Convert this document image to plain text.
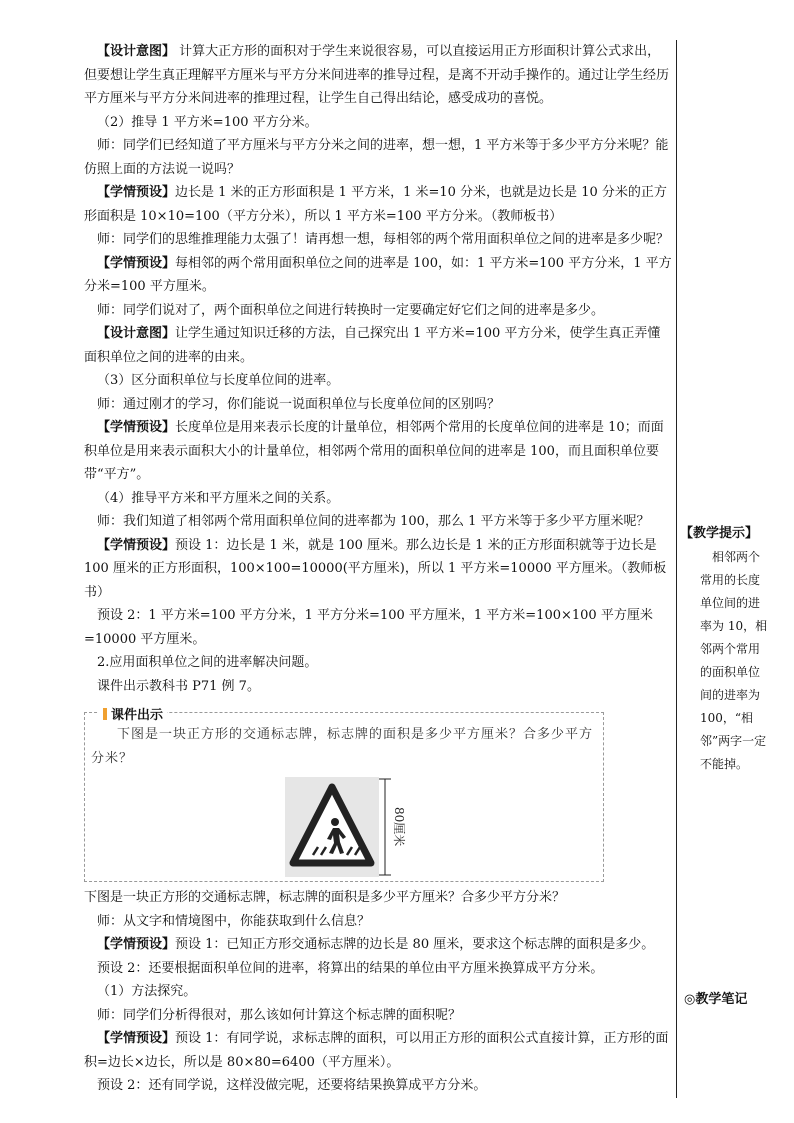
【设计意图】 计算大正方形的面积对于学生来说很容易，可以直接运用正方形面积计算公式求出，但要想让学生真正理解平方厘米与平方分米间进率的推导过程，是离不开动手操作的。通过让学生经历平方厘米与平方分米间进率的推理过程，让学生自己得出结论，感受成功的喜悦。

（2）推导 1 平方米=100 平方分米。

师：同学们已经知道了平方厘米与平方分米之间的进率，想一想，1 平方米等于多少平方分米呢？能仿照上面的方法说一说吗？

【学情预设】边长是 1 米的正方形面积是 1 平方米，1 米=10 分米，也就是边长是 10 分米的正方形面积是 10×10=100（平方分米），所以 1 平方米=100 平方分米。（教师板书）

师：同学们的思维推理能力太强了！请再想一想，每相邻的两个常用面积单位之间的进率是多少呢？

【学情预设】每相邻的两个常用面积单位之间的进率是 100，如：1 平方米=100 平方分米，1 平方分米=100 平方厘米。

师：同学们说对了，两个面积单位之间进行转换时一定要确定好它们之间的进率是多少。

【设计意图】让学生通过知识迁移的方法，自己探究出 1 平方米=100 平方分米，使学生真正弄懂面积单位之间的进率的由来。

（3）区分面积单位与长度单位间的进率。

师：通过刚才的学习，你们能说一说面积单位与长度单位间的区别吗？

【学情预设】长度单位是用来表示长度的计量单位，相邻两个常用的长度单位间的进率是 10；而面积单位是用来表示面积大小的计量单位，相邻两个常用的面积单位间的进率是 100，而且面积单位要带“平方”。

（4）推导平方米和平方厘米之间的关系。

师：我们知道了相邻两个常用面积单位间的进率都为 100，那么 1 平方米等于多少平方厘米呢？

【学情预设】预设 1：边长是 1 米，就是 100 厘米。那么边长是 1 米的正方形面积就等于边长是 100 厘米的正方形面积，100×100=10000(平方厘米)，所以 1 平方米=10000 平方厘米。（教师板书）

预设 2：1 平方米=100 平方分米，1 平方分米=100 平方厘米，1 平方米=100×100 平方厘米=10000 平方厘米。

2.应用面积单位之间的进率解决问题。

课件出示教科书 P71 例 7。

课件出示
下图是一块正方形的交通标志牌，标志牌的面积是多少平方厘米？合多少平方分米？
80厘米

下图是一块正方形的交通标志牌，标志牌的面积是多少平方厘米？合多少平方分米？

师：从文字和情境图中，你能获取到什么信息？

【学情预设】预设 1：已知正方形交通标志牌的边长是 80 厘米，要求这个标志牌的面积是多少。

预设 2：还要根据面积单位间的进率，将算出的结果的单位由平方厘米换算成平方分米。

（1）方法探究。

师：同学们分析得很对，那么该如何计算这个标志牌的面积呢？

【学情预设】预设 1：有同学说，求标志牌的面积，可以用正方形的面积公式直接计算，正方形的面积=边长×边长，所以是 80×80=6400（平方厘米）。

预设 2：还有同学说，这样没做完呢，还要将结果换算成平方分米。

【教学提示】
相邻两个常用的长度单位间的进率为 10，相邻两个常用的面积单位间的进率为 100，“相邻”两字一定不能掉。
◎教学笔记
